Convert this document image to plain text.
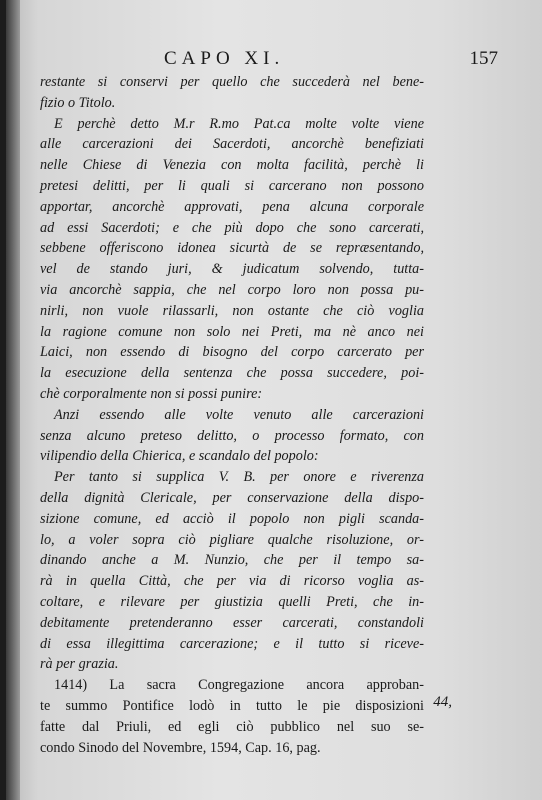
CAPO XI.	157
restante si conservi per quello che succederà nel bene-
fizio o Titolo.
E perchè detto M.r R.mo Pat.ca molte volte viene
alle carcerazioni dei Sacerdoti, ancorchè benefiziati
nelle Chiese di Venezia con molta facilità, perchè li
pretesi delitti, per li quali si carcerano non possono
apportar, ancorchè approvati, pena alcuna corporale
ad essi Sacerdoti; e che più dopo che sono carcerati,
sebbene offeriscono idonea sicurtà de se repræsentando,
vel de stando juri, & judicatum solvendo, tutta-
via ancorchè sappia, che nel corpo loro non possa pu-
nirli, non vuole rilassarli, non ostante che ciò voglia
la ragione comune non solo nei Preti, ma nè anco nei
Laici, non essendo di bisogno del corpo carcerato per
la esecuzione della sentenza che possa succedere, poi-
chè corporalmente non si possi punire:
Anzi essendo alle volte venuto alle carcerazioni
senza alcuno preteso delitto, o processo formato, con
vilipendio della Chierica, e scandalo del popolo:
Per tanto si supplica V. B. per onore e riverenza
della dignità Clericale, per conservazione della dispo-
sizione comune, ed acciò il popolo non pigli scanda-
lo, a voler sopra ciò pigliare qualche risoluzione, or-
dinando anche a M. Nunzio, che per il tempo sa-
rà in quella Città, che per via di ricorso voglia as-
coltare, e rilevare per giustizia quelli Preti, che in-
debitamente pretenderanno esser carcerati, constandoli
di essa illegittima carcerazione; e il tutto si riceve-
rà per grazia.
1414) La sacra Congregazione ancora approban-
te summo Pontifice lodò in tutto le pie disposizioni
fatte dal Priuli, ed egli ciò pubblico nel suo se-
condo Sinodo del Novembre, 1594, Cap. 16, pag.
44,
